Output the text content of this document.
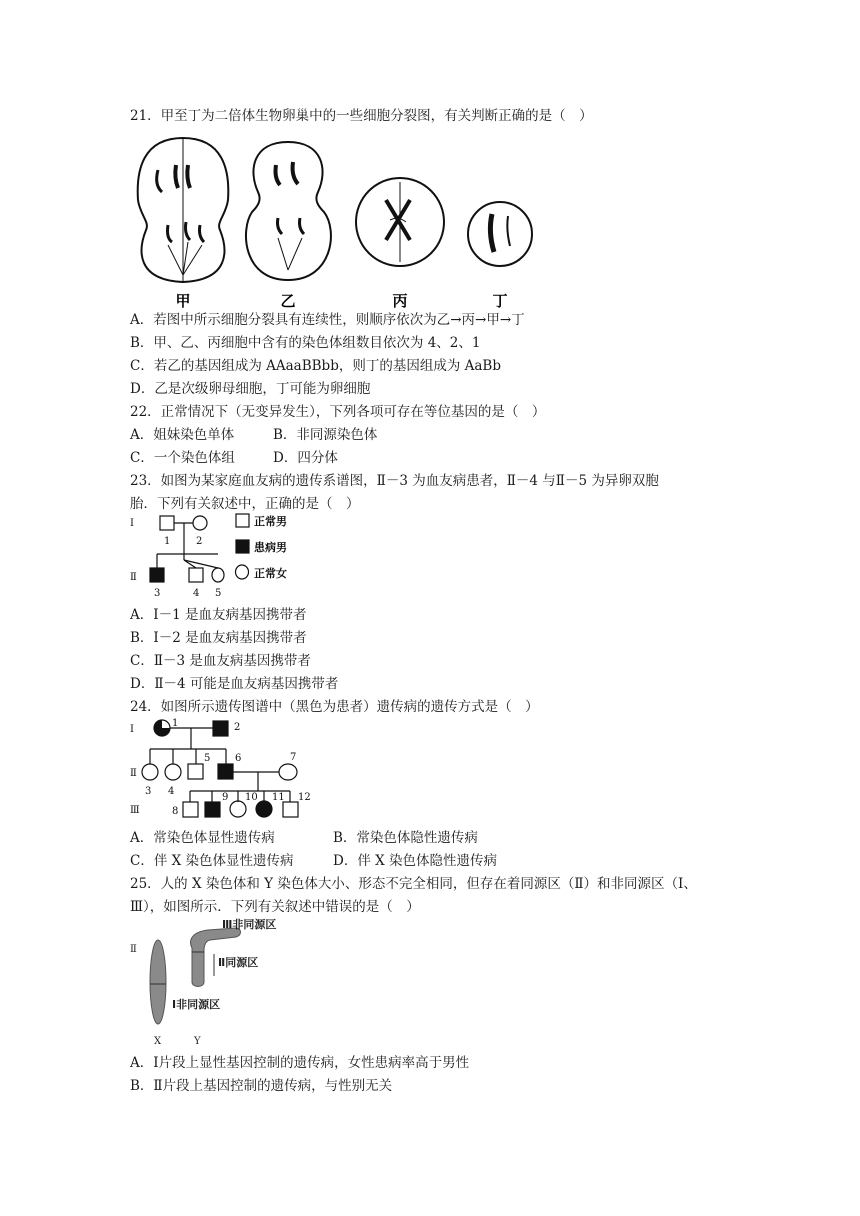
21．甲至丁为二倍体生物卵巢中的一些细胞分裂图，有关判断正确的是（　）
甲	乙	丙	丁
A．若图中所示细胞分裂具有连续性，则顺序依次为乙→丙→甲→丁
B．甲、乙、丙细胞中含有的染色体组数目依次为 4、2、1
C．若乙的基因组成为 AAaaBBbb，则丁的基因组成为 AaBb
D．乙是次级卵母细胞，丁可能为卵细胞
22．正常情况下（无变异发生），下列各项可存在等位基因的是（　）
A．姐妹染色单体	B．非同源染色体
C．一个染色体组	D．四分体
23．如图为某家庭血友病的遗传系谱图，Ⅱ－3 为血友病患者，Ⅱ－4 与Ⅱ－5 为异卵双胞
胎．下列有关叙述中，正确的是（　）
Ⅰ
Ⅱ
1	2
3	4 5
正常男
患病男
正常女
A．Ⅰ－1 是血友病基因携带者
B．Ⅰ－2 是血友病基因携带者
C．Ⅱ－3 是血友病基因携带者
D．Ⅱ－4 可能是血友病基因携带者
24．如图所示遗传图谱中（黑色为患者）遗传病的遗传方式是（　）
Ⅰ
Ⅱ
Ⅲ
1	2
3 4
5 6	7
8
9 10 11 12
A．常染色体显性遗传病	B．常染色体隐性遗传病
C．伴 X 染色体显性遗传病	D．伴 X 染色体隐性遗传病
25．人的 X 染色体和 Y 染色体大小、形态不完全相同，但存在着同源区（Ⅱ）和非同源区（Ⅰ、
Ⅲ），如图所示．下列有关叙述中错误的是（　）
Ⅲ非同源区
Ⅱ同源区
Ⅰ非同源区
Ⅱ
X	Y
A．Ⅰ片段上显性基因控制的遗传病，女性患病率高于男性
B．Ⅱ片段上基因控制的遗传病，与性别无关
